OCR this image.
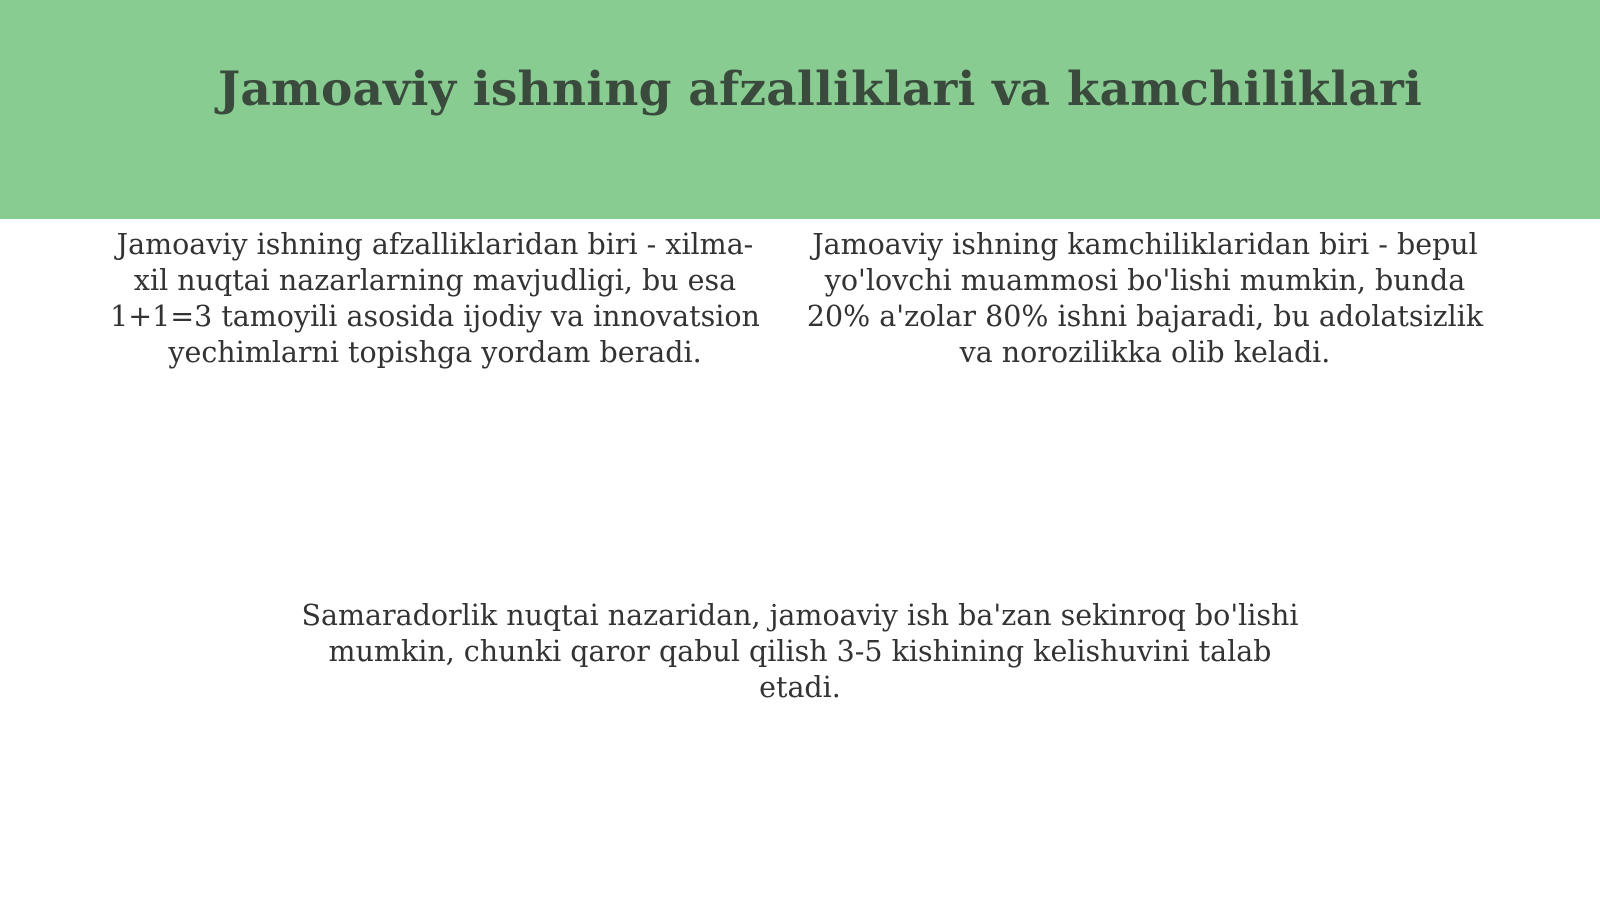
Jamoaviy ishning afzalliklari va kamchiliklari

Jamoaviy ishning afzalliklaridan biri - xilma-xil nuqtai nazarlarning mavjudligi, bu esa 1+1=3 tamoyili asosida ijodiy va innovatsion yechimlarni topishga yordam beradi.

Jamoaviy ishning kamchiliklaridan biri - bepul yo'lovchi muammosi bo'lishi mumkin, bunda 20% a'zolar 80% ishni bajaradi, bu adolatsizlik va norozilikka olib keladi.

Samaradorlik nuqtai nazaridan, jamoaviy ish ba'zan sekinroq bo'lishi mumkin, chunki qaror qabul qilish 3-5 kishining kelishuvini talab etadi.
